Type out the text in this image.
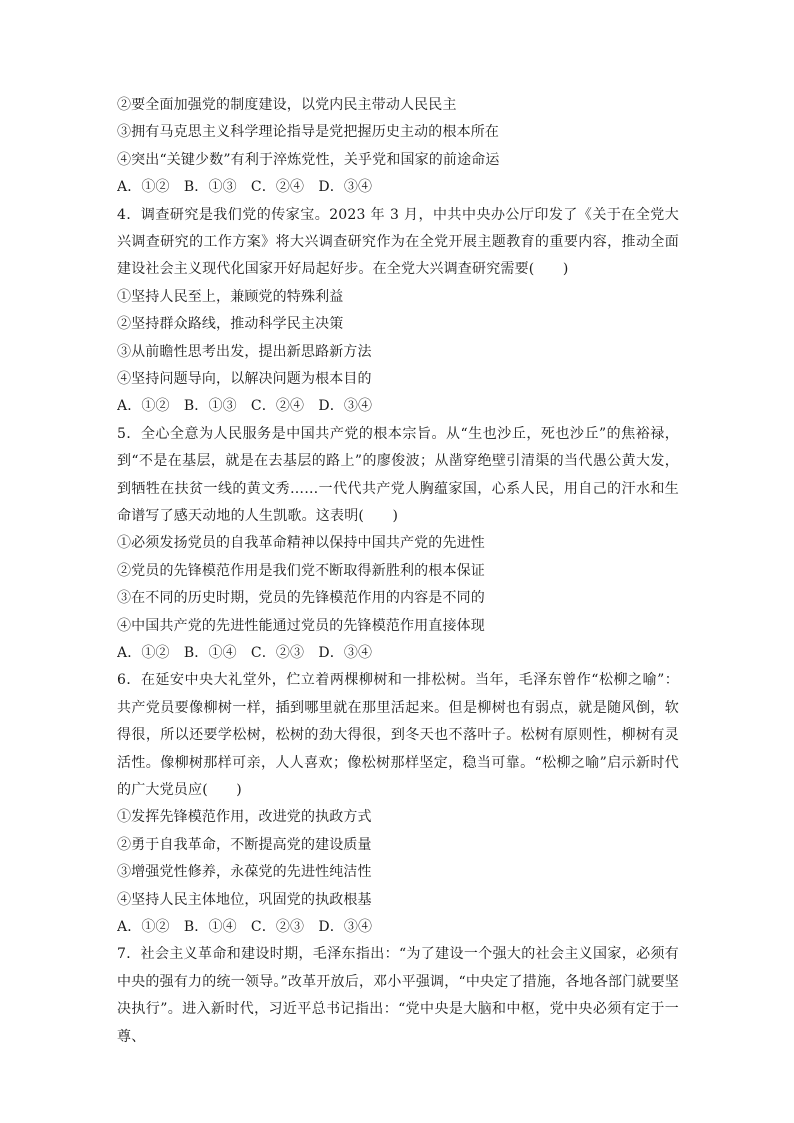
②要全面加强党的制度建设，以党内民主带动人民民主
③拥有马克思主义科学理论指导是党把握历史主动的根本所在
④突出“关键少数”有利于淬炼党性，关乎党和国家的前途命运
A．①②　B．①③　C．②④　D．③④
4．调查研究是我们党的传家宝。2023 年 3 月，中共中央办公厅印发了《关于在全党大兴调查研究的工作方案》将大兴调查研究作为在全党开展主题教育的重要内容，推动全面建设社会主义现代化国家开好局起好步。在全党大兴调查研究需要(　　)
①坚持人民至上，兼顾党的特殊利益
②坚持群众路线，推动科学民主决策
③从前瞻性思考出发，提出新思路新方法
④坚持问题导向，以解决问题为根本目的
A．①②　B．①③　C．②④　D．③④
5．全心全意为人民服务是中国共产党的根本宗旨。从“生也沙丘，死也沙丘”的焦裕禄，到“不是在基层，就是在去基层的路上”的廖俊波；从凿穿绝壁引清渠的当代愚公黄大发，到牺牲在扶贫一线的黄文秀……一代代共产党人胸蕴家国，心系人民，用自己的汗水和生命谱写了感天动地的人生凯歌。这表明(　　)
①必须发扬党员的自我革命精神以保持中国共产党的先进性
②党员的先锋模范作用是我们党不断取得新胜利的根本保证
③在不同的历史时期，党员的先锋模范作用的内容是不同的
④中国共产党的先进性能通过党员的先锋模范作用直接体现
A．①②　B．①④　C．②③　D．③④
6．在延安中央大礼堂外，伫立着两棵柳树和一排松树。当年，毛泽东曾作“松柳之喻”：共产党员要像柳树一样，插到哪里就在那里活起来。但是柳树也有弱点，就是随风倒，软得很，所以还要学松树，松树的劲大得很，到冬天也不落叶子。松树有原则性，柳树有灵活性。像柳树那样可亲，人人喜欢；像松树那样坚定，稳当可靠。“松柳之喻”启示新时代的广大党员应(　　)
①发挥先锋模范作用，改进党的执政方式
②勇于自我革命，不断提高党的建设质量
③增强党性修养，永葆党的先进性纯洁性
④坚持人民主体地位，巩固党的执政根基
A．①②　B．①④　C．②③　D．③④
7．社会主义革命和建设时期，毛泽东指出：“为了建设一个强大的社会主义国家，必须有中央的强有力的统一领导。”改革开放后，邓小平强调，“中央定了措施，各地各部门就要坚决执行”。进入新时代，习近平总书记指出：“党中央是大脑和中枢，党中央必须有定于一尊、
